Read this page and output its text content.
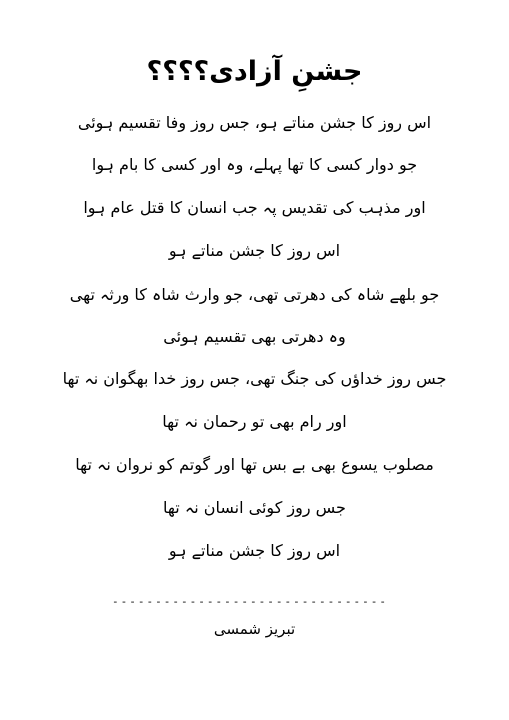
جشنِ آزادی؟؟؟؟
اس روز کا جشن مناتے ہو، جس روز وفا تقسیم ہوئی
جو دوار کسی کا تھا پہلے، وہ اور کسی کا بام ہوا
اور مذہب کی تقدیس پہ جب انسان کا قتل عام ہوا
اس روز کا جشن مناتے ہو
جو بلھے شاہ کی دھرتی تھی، جو وارث شاہ کا ورثہ تھی
وہ دھرتی بھی تقسیم ہوئی
جس روز خداؤں کی جنگ تھی، جس روز خدا بھگوان نہ تھا
اور رام بھی تو رحمان نہ تھا
مصلوب یسوع بھی بے بس تھا اور گوتم کو نروان نہ تھا
جس روز کوئی انسان نہ تھا
اس روز کا جشن مناتے ہو
--------------------------------
تبریز شمسی
